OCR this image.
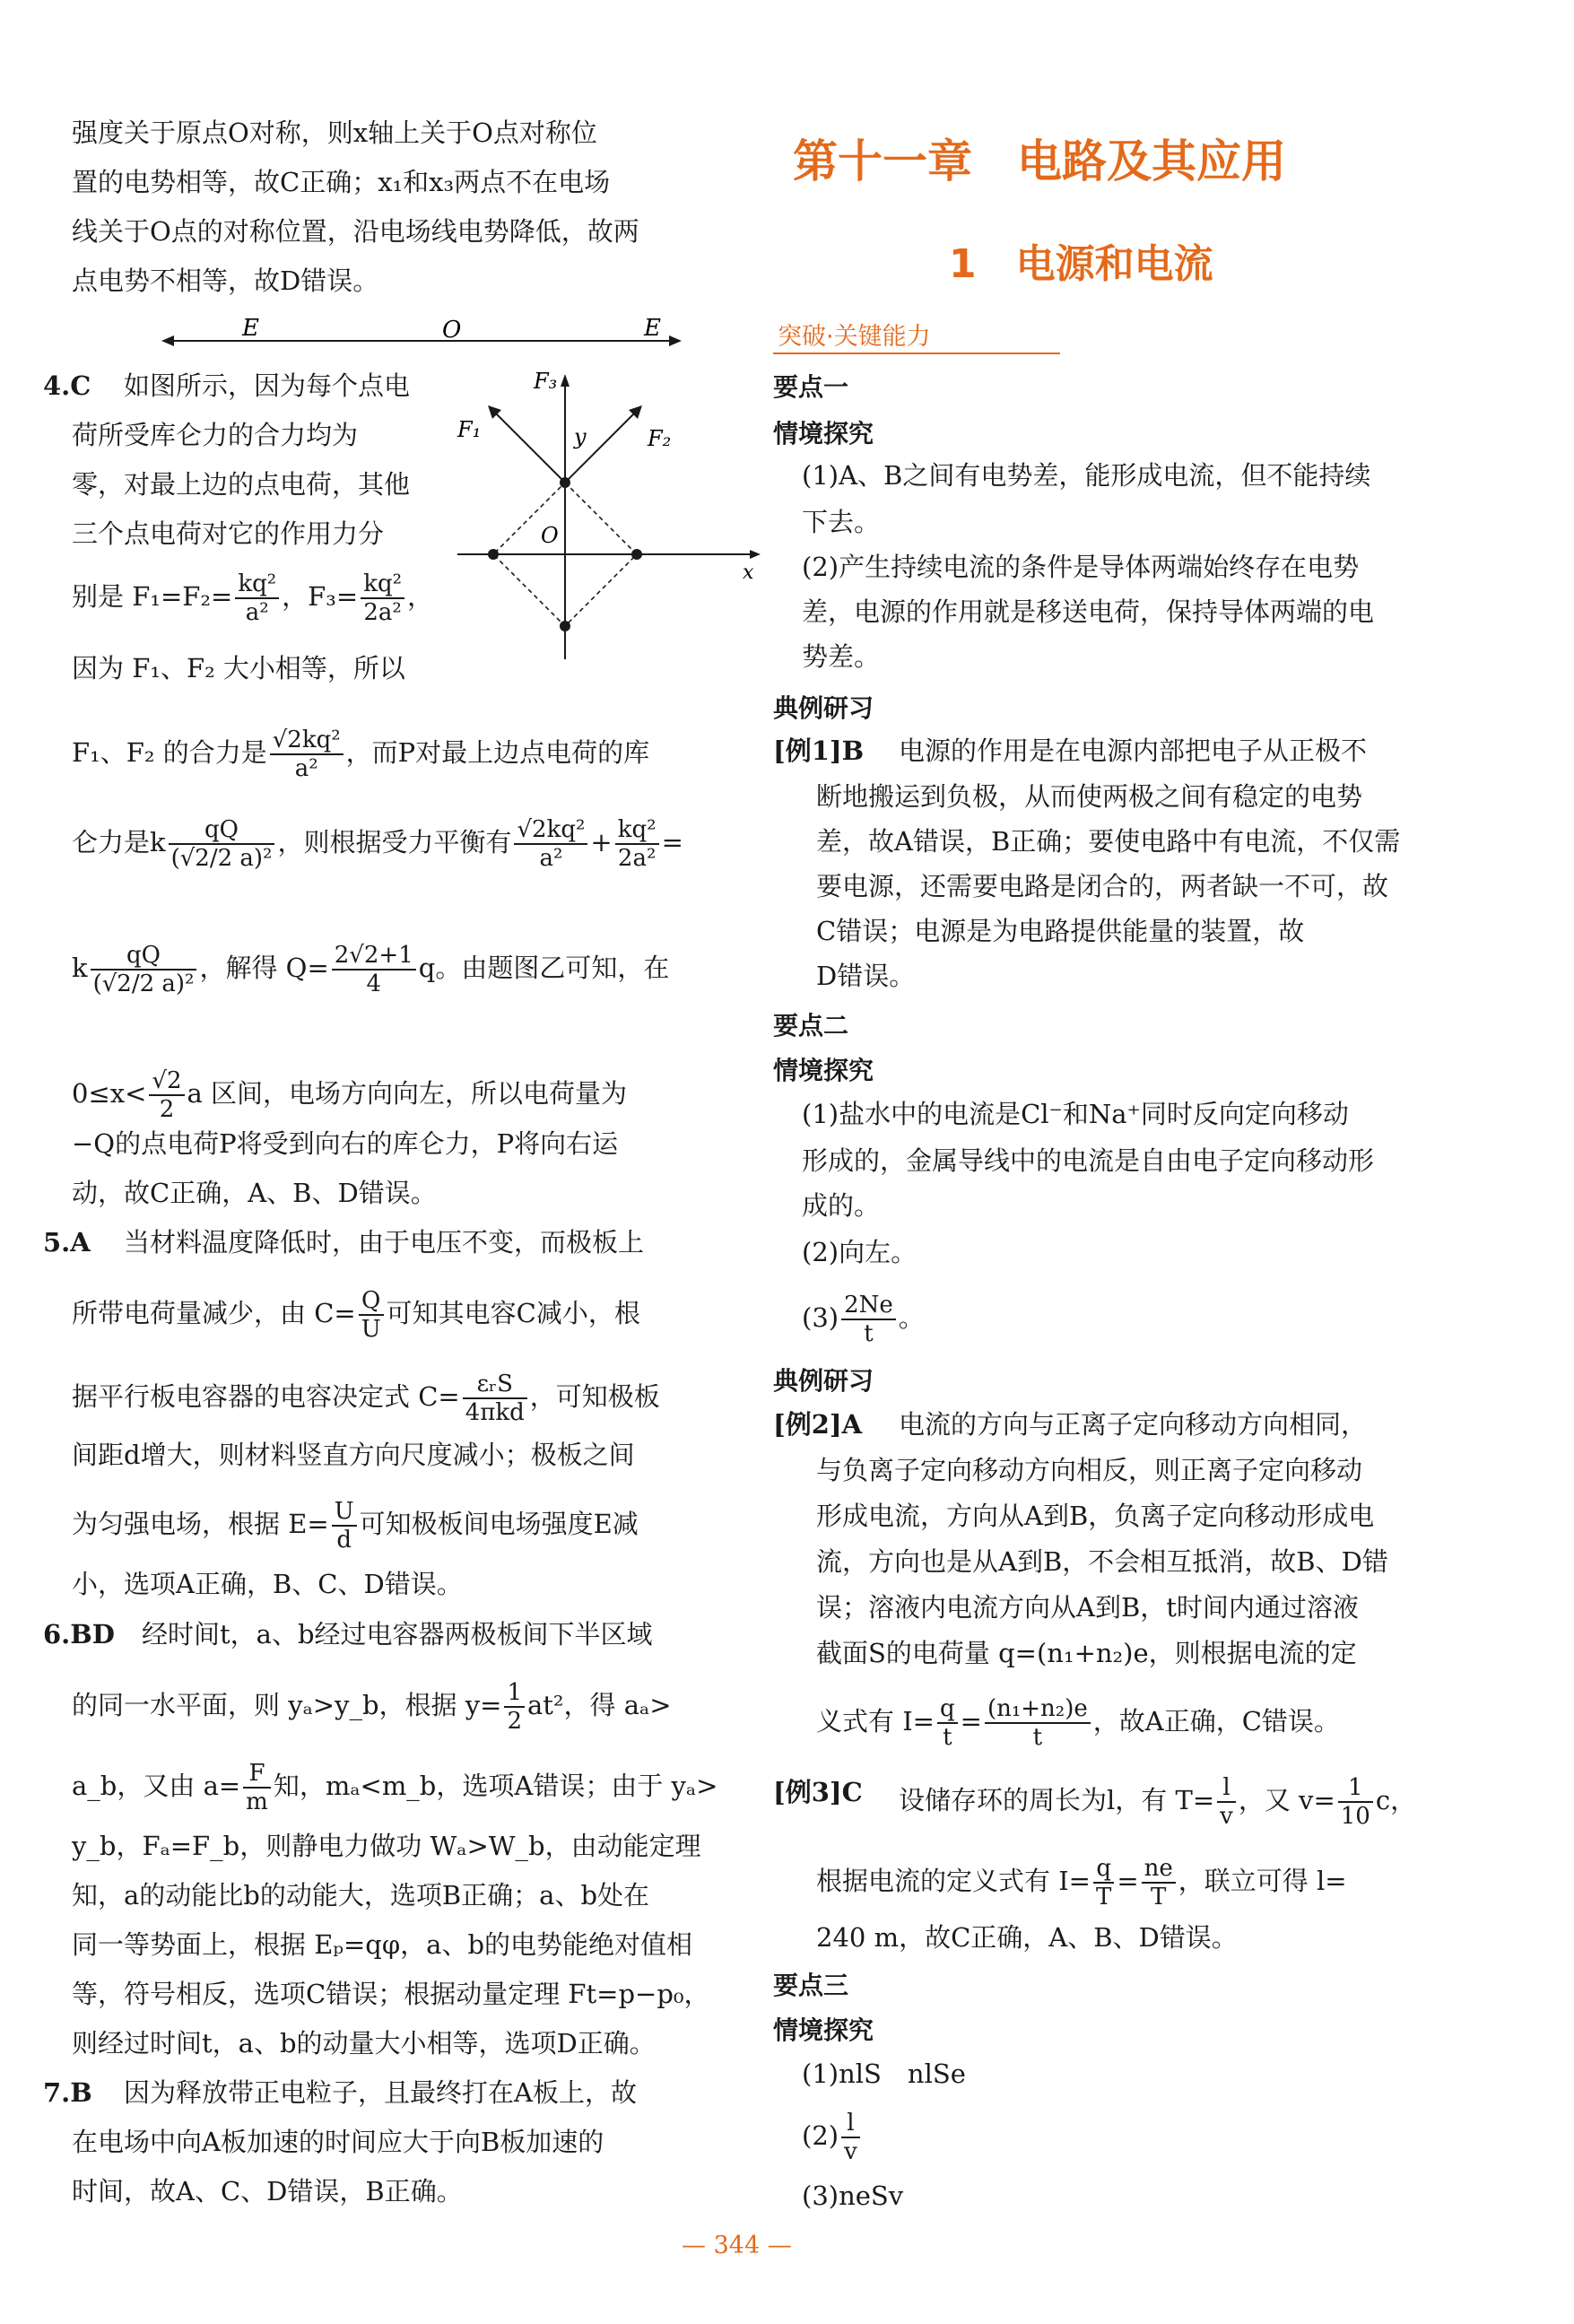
强度关于原点O对称，则x轴上关于O点对称位
置的电势相等，故C正确；x₁和x₃两点不在电场
线关于O点的对称位置，沿电场线电势降低，故两
点电势不相等，故D错误。
E	O	E
4.C 如图所示，因为每个点电
荷所受库仑力的合力均为
零，对最上边的点电荷，其他
三个点电荷对它的作用力分
别是 $F_1=F_2= \frac{\text{kq²}}{\text{a²}}$ ，$F_3= \frac{\text{kq²}}{\text{2a²}}$ ，
因为 F₁、F₂ 大小相等，所以
F₃
F₁	F₂
y
O
x
F₁、F₂ 的合力是 $\frac{\text{√2kq²}}{\text{a²}}$ ，而P对最上边点电荷的库
仑力是k $\frac{qQ}{\text{(√2/2 a)²}}$ ，则根据受力平衡有 $\frac{\text{√2kq²}}{\text{a²}} + \frac{\text{kq²}}{\text{2a²}}$ =
k $\frac{qQ}{\text{(√2/2 a)²}}$ ，解得 $Q= \frac{2√2+1}{4}$ q。由题图乙可知，在
$0\le x< \frac{√2}{2}$ a 区间，电场方向向左，所以电荷量为
−Q的点电荷P将受到向右的库仑力，P将向右运
动，故C正确，A、B、D错误。
5.A 当材料温度降低时，由于电压不变，而极板上
所带电荷量减少，由 $C= \frac{Q}{U}$ 可知其电容C减小，根
据平行板电容器的电容决定式 $C= \frac{\text{εᵣS}}{\text{4πkd}}$ ，可知极板
间距d增大，则材料竖直方向尺度减小；极板之间
为匀强电场，根据 $E= \frac{U}{d}$ 可知极板间电场强度E减
小，选项A正确，B、C、D错误。
6.BD 经时间t，a、b经过电容器两极板间下半区域
的同一水平面，则 yₐ>y_b，根据 $y= \frac{1}{2} at^2$，得 aₐ>
a_b，又由 $a= \frac{F}{m}$ 知，mₐ<m_b，选项A错误；由于 yₐ>
y_b，Fₐ=F_b，则静电力做功 Wₐ>W_b，由动能定理
知，a的动能比b的动能大，选项B正确；a、b处在
同一等势面上，根据 Eₚ=qφ，a、b的电势能绝对值相
等，符号相反，选项C错误；根据动量定理 Ft=p−p₀，
则经过时间t，a、b的动量大小相等，选项D正确。
7.B 因为释放带正电粒子，且最终打在A板上，故
在电场中向A板加速的时间应大于向B板加速的
时间，故A、C、D错误，B正确。
第十一章　电路及其应用
1　电源和电流
突破·关键能力
要点一
情境探究
(1)A、B之间有电势差，能形成电流，但不能持续
下去。
(2)产生持续电流的条件是导体两端始终存在电势
差，电源的作用就是移送电荷，保持导体两端的电
势差。
典例研习
[例1]B 电源的作用是在电源内部把电子从正极不
断地搬运到负极，从而使两极之间有稳定的电势
差，故A错误，B正确；要使电路中有电流，不仅需
要电源，还需要电路是闭合的，两者缺一不可，故
C错误；电源是为电路提供能量的装置，故
D错误。
要点二
情境探究
(1)盐水中的电流是Cl⁻和Na⁺同时反向定向移动
形成的，金属导线中的电流是自由电子定向移动形
成的。
(2)向左。
$(3) \frac{2Ne}{t}$ 。
典例研习
[例2]A 电流的方向与正离子定向移动方向相同，
与负离子定向移动方向相反，则正离子定向移动
形成电流，方向从A到B，负离子定向移动形成电
流，方向也是从A到B，不会相互抵消，故B、D错
误；溶液内电流方向从A到B，t时间内通过溶液
截面S的电荷量 q=(n₁+n₂)e，则根据电流的定
义式有 $I= \frac{q}{t} = \frac{\text{(n₁+n₂)e}}{t}$ ，故A正确，C错误。
[例3]C 设储存环的周长为l，有 $T= \frac{l}{v}$ ，又 $v= \frac{1}{10}$ c，
根据电流的定义式有 $I= \frac{q}{T} = \frac{ne}{T}$ ，联立可得 l=
240 m，故C正确，A、B、D错误。
要点三
情境探究
(1)nlS　nlSe
$(2) \frac{l}{v}$
(3)neSv
— 344 —
